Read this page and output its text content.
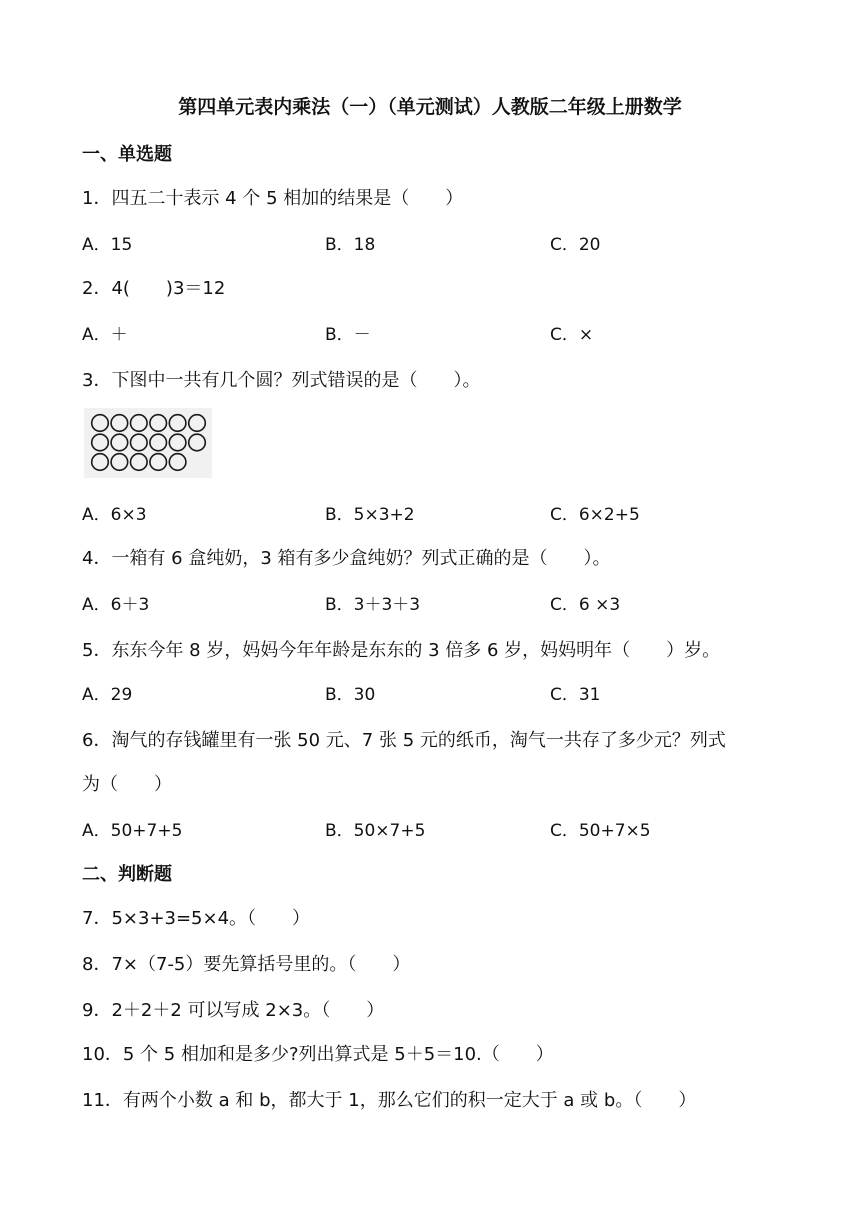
第四单元表内乘法（一）（单元测试）人教版二年级上册数学
一、单选题
1．四五二十表示 4 个 5 相加的结果是（　　）
A．15	B．18	C．20
2．4(　　)3＝12
A．＋	B．－	C．×
3．下图中一共有几个圆？列式错误的是（　　）。
A．6×3	B．5×3+2	C．6×2+5
4．一箱有 6 盒纯奶，3 箱有多少盒纯奶？列式正确的是（　　）。
A．6＋3	B．3＋3＋3	C．6 ×3
5．东东今年 8 岁，妈妈今年年龄是东东的 3 倍多 6 岁，妈妈明年（　　）岁。
A．29	B．30	C．31
6．淘气的存钱罐里有一张 50 元、7 张 5 元的纸币，淘气一共存了多少元？列式
为（　　）
A．50+7+5	B．50×7+5	C．50+7×5
二、判断题
7．5×3+3=5×4。（　　）
8．7×（7-5）要先算括号里的。（　　）
9．2＋2＋2 可以写成 2×3。（　　）
10．5 个 5 相加和是多少?列出算式是 5＋5＝10.（　　）
11．有两个小数 a 和 b，都大于 1，那么它们的积一定大于 a 或 b。（　　）
